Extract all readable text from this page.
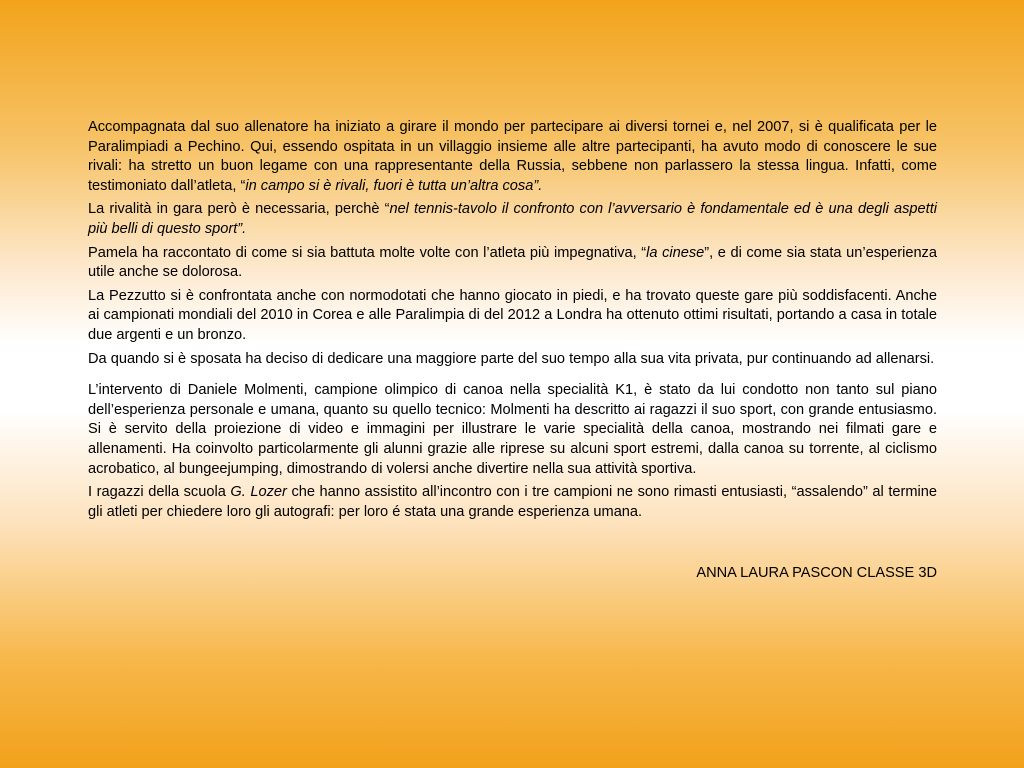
Accompagnata dal suo allenatore ha iniziato a girare il mondo per partecipare ai diversi tornei e, nel 2007, si è qualificata per le Paralimpiadi a Pechino. Qui, essendo ospitata in un villaggio insieme alle altre partecipanti, ha avuto modo di conoscere le sue rivali: ha stretto un buon legame con una rappresentante della Russia, sebbene non parlassero la stessa lingua. Infatti, come testimoniato dall’atleta, “in campo si è rivali, fuori è tutta un’altra cosa”.

La rivalità in gara però è necessaria, perchè “nel tennis-tavolo il confronto con l’avversario è fondamentale ed è una degli aspetti più belli di questo sport”.

Pamela ha raccontato di come si sia battuta molte volte con l’atleta più impegnativa, “la cinese”, e di come sia stata un’esperienza utile anche se dolorosa.

La Pezzutto si è confrontata anche con normodotati che hanno giocato in piedi, e ha trovato queste gare più soddisfacenti. Anche ai campionati mondiali del 2010 in Corea e alle Paralimpia di del 2012 a Londra ha ottenuto ottimi risultati, portando a casa in totale due argenti e un bronzo.

Da quando si è sposata ha deciso di dedicare una maggiore parte del suo tempo alla sua vita privata, pur continuando ad allenarsi.

L’intervento di Daniele Molmenti, campione olimpico di canoa nella specialità K1, è stato da lui condotto non tanto sul piano dell’esperienza personale e umana, quanto su quello tecnico: Molmenti ha descritto ai ragazzi il suo sport, con grande entusiasmo. Si è servito della proiezione di video e immagini per illustrare le varie specialità della canoa, mostrando nei filmati gare e allenamenti. Ha coinvolto particolarmente gli alunni grazie alle riprese su alcuni sport estremi, dalla canoa su torrente, al ciclismo acrobatico, al bungeejumping, dimostrando di volersi anche divertire nella sua attività sportiva.

I ragazzi della scuola G. Lozer che hanno assistito all’incontro con i tre campioni ne sono rimasti entusiasti, “assalendo” al termine gli atleti per chiedere loro gli autografi: per loro é stata una grande esperienza umana.

ANNA LAURA PASCON CLASSE 3D
